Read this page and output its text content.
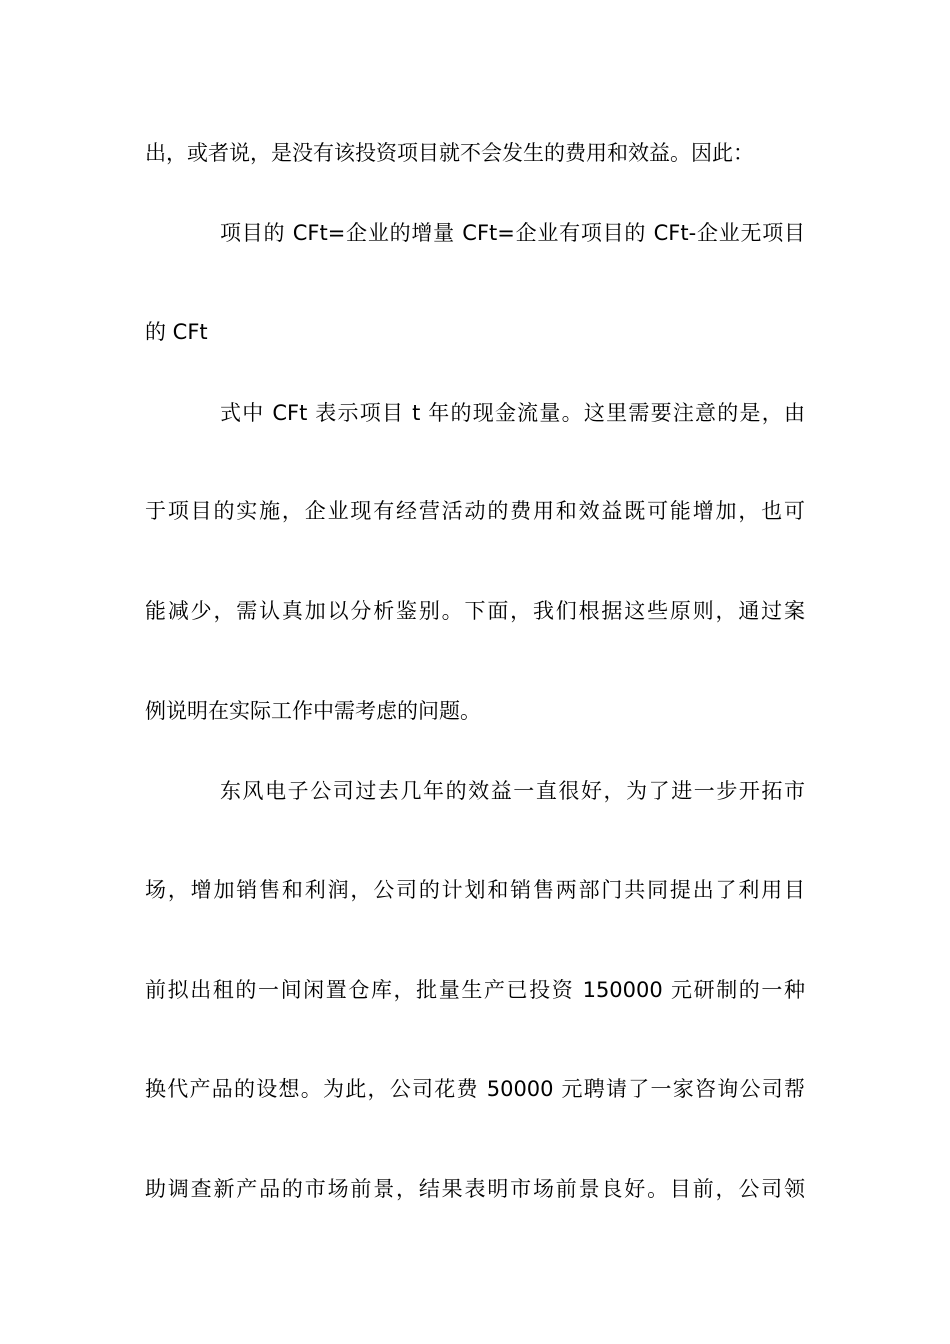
出，或者说，是没有该投资项目就不会发生的费用和效益。因此：
项目的 CFt=企业的增量 CFt=企业有项目的 CFt-企业无项目
的 CFt
式中 CFt 表示项目 t 年的现金流量。这里需要注意的是，由
于项目的实施，企业现有经营活动的费用和效益既可能增加，也可
能减少，需认真加以分析鉴别。下面，我们根据这些原则，通过案
例说明在实际工作中需考虑的问题。
东风电子公司过去几年的效益一直很好，为了进一步开拓市
场，增加销售和利润，公司的计划和销售两部门共同提出了利用目
前拟出租的一间闲置仓库，批量生产已投资 150000 元研制的一种
换代产品的设想。为此，公司花费 50000 元聘请了一家咨询公司帮
助调查新产品的市场前景，结果表明市场前景良好。目前，公司领
